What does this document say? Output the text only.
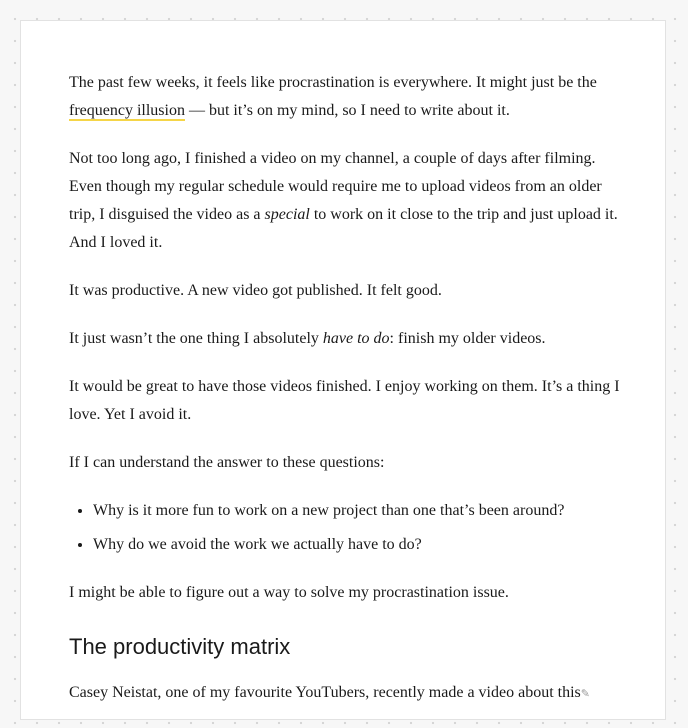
The past few weeks, it feels like procrastination is everywhere. It might just be the frequency illusion — but it’s on my mind, so I need to write about it.

Not too long ago, I finished a video on my channel, a couple of days after filming. Even though my regular schedule would require me to upload videos from an older trip, I disguised the video as a special to work on it close to the trip and just upload it. And I loved it.

It was productive. A new video got published. It felt good.

It just wasn’t the one thing I absolutely have to do: finish my older videos.

It would be great to have those videos finished. I enjoy working on them. It’s a thing I love. Yet I avoid it.

If I can understand the answer to these questions:

• Why is it more fun to work on a new project than one that’s been around?
• Why do we avoid the work we actually have to do?

I might be able to figure out a way to solve my procrastination issue.

The productivity matrix

Casey Neistat, one of my favourite YouTubers, recently made a video about this✎
